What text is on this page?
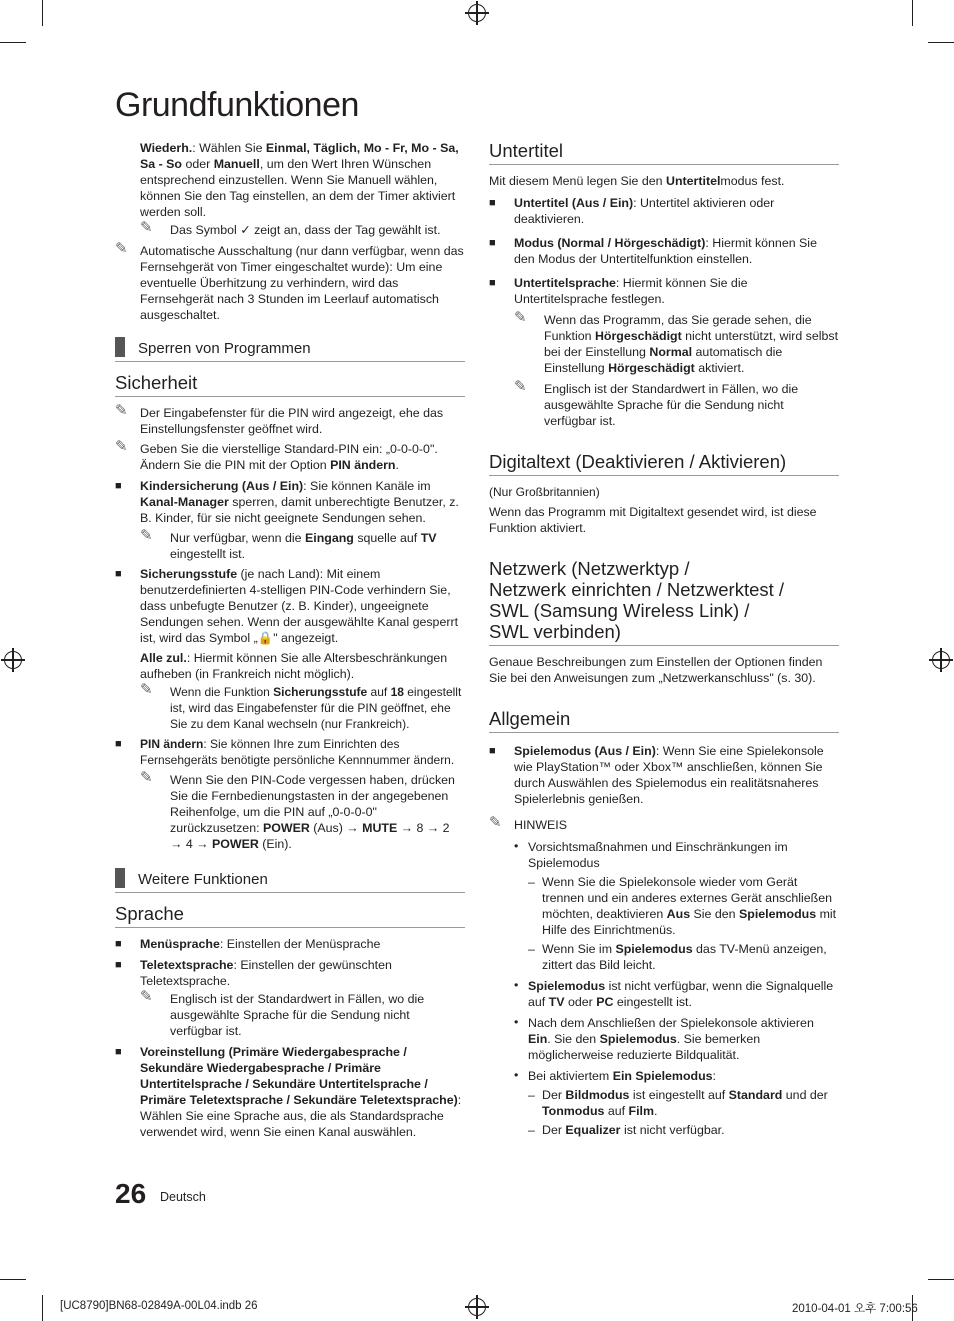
Grundfunktionen

Wiederh.: Wählen Sie Einmal, Täglich, Mo - Fr, Mo - Sa, Sa - So oder Manuell, um den Wert Ihren Wünschen entsprechend einzustellen. Wenn Sie Manuell wählen, können Sie den Tag einstellen, an dem der Timer aktiviert werden soll.

✎ Das Symbol ✓ zeigt an, dass der Tag gewählt ist.

✎ Automatische Ausschaltung (nur dann verfügbar, wenn das Fernsehgerät von Timer eingeschaltet wurde): Um eine eventuelle Überhitzung zu verhindern, wird das Fernsehgerät nach 3 Stunden im Leerlauf automatisch ausgeschaltet.

Sperren von Programmen

Sicherheit

✎ Der Eingabefenster für die PIN wird angezeigt, ehe das Einstellungsfenster geöffnet wird.

✎ Geben Sie die vierstellige Standard-PIN ein: „0-0-0-0". Ändern Sie die PIN mit der Option PIN ändern.

■ Kindersicherung (Aus / Ein): Sie können Kanäle im Kanal-Manager sperren, damit unberechtigte Benutzer, z. B. Kinder, für sie nicht geeignete Sendungen sehen.

✎ Nur verfügbar, wenn die Eingang squelle auf TV eingestellt ist.

■ Sicherungsstufe (je nach Land): Mit einem benutzerdefinierten 4-stelligen PIN-Code verhindern Sie, dass unbefugte Benutzer (z. B. Kinder), ungeeignete Sendungen sehen. Wenn der ausgewählte Kanal gesperrt ist, wird das Symbol „🔒" angezeigt.

Alle zul.: Hiermit können Sie alle Altersbeschränkungen aufheben (in Frankreich nicht möglich).

✎ Wenn die Funktion Sicherungsstufe auf 18 eingestellt ist, wird das Eingabefenster für die PIN geöffnet, ehe Sie zu dem Kanal wechseln (nur Frankreich).

■ PIN ändern: Sie können Ihre zum Einrichten des Fernsehgeräts benötigte persönliche Kennnummer ändern.

✎ Wenn Sie den PIN-Code vergessen haben, drücken Sie die Fernbedienungstasten in der angegebenen Reihenfolge, um die PIN auf „0-0-0-0" zurückzusetzen: POWER (Aus) → MUTE → 8 → 2 → 4 → POWER (Ein).

Weitere Funktionen

Sprache

■ Menüsprache: Einstellen der Menüsprache

■ Teletextsprache: Einstellen der gewünschten Teletextsprache.

✎ Englisch ist der Standardwert in Fällen, wo die ausgewählte Sprache für die Sendung nicht verfügbar ist.

■ Voreinstellung (Primäre Wiedergabesprache / Sekundäre Wiedergabesprache / Primäre Untertitelsprache / Sekundäre Untertitelsprache / Primäre Teletextsprache / Sekundäre Teletextsprache): Wählen Sie eine Sprache aus, die als Standardsprache verwendet wird, wenn Sie einen Kanal auswählen.

Untertitel

Mit diesem Menü legen Sie den Untertitelmodus fest.

■ Untertitel (Aus / Ein): Untertitel aktivieren oder deaktivieren.

■ Modus (Normal / Hörgeschädigt): Hiermit können Sie den Modus der Untertitelfunktion einstellen.

■ Untertitelsprache: Hiermit können Sie die Untertitelsprache festlegen.

✎ Wenn das Programm, das Sie gerade sehen, die Funktion Hörgeschädigt nicht unterstützt, wird selbst bei der Einstellung Normal automatisch die Einstellung Hörgeschädigt aktiviert.

✎ Englisch ist der Standardwert in Fällen, wo die ausgewählte Sprache für die Sendung nicht verfügbar ist.

Digitaltext (Deaktivieren / Aktivieren)

(Nur Großbritannien)

Wenn das Programm mit Digitaltext gesendet wird, ist diese Funktion aktiviert.

Netzwerk (Netzwerktyp /
Netzwerk einrichten / Netzwerktest /
SWL (Samsung Wireless Link) /
SWL verbinden)

Genaue Beschreibungen zum Einstellen der Optionen finden Sie bei den Anweisungen zum „Netzwerkanschluss" (s. 30).

Allgemein

■ Spielemodus (Aus / Ein): Wenn Sie eine Spielekonsole wie PlayStation™ oder Xbox™ anschließen, können Sie durch Auswählen des Spielemodus ein realitätsnaheres Spielerlebnis genießen.

✎ HINWEIS

• Vorsichtsmaßnahmen und Einschränkungen im Spielemodus

– Wenn Sie die Spielekonsole wieder vom Gerät trennen und ein anderes externes Gerät anschließen möchten, deaktivieren Aus Sie den Spielemodus mit Hilfe des Einrichtmenüs.

– Wenn Sie im Spielemodus das TV-Menü anzeigen, zittert das Bild leicht.

• Spielemodus ist nicht verfügbar, wenn die Signalquelle auf TV oder PC eingestellt ist.

• Nach dem Anschließen der Spielekonsole aktivieren Ein. Sie den Spielemodus. Sie bemerken möglicherweise reduzierte Bildqualität.

• Bei aktiviertem Ein Spielemodus:

– Der Bildmodus ist eingestellt auf Standard und der Tonmodus auf Film.

– Der Equalizer ist nicht verfügbar.

26 Deutsch
[UC8790]BN68-02849A-00L04.indb 26	2010-04-01 오후 7:00:56
